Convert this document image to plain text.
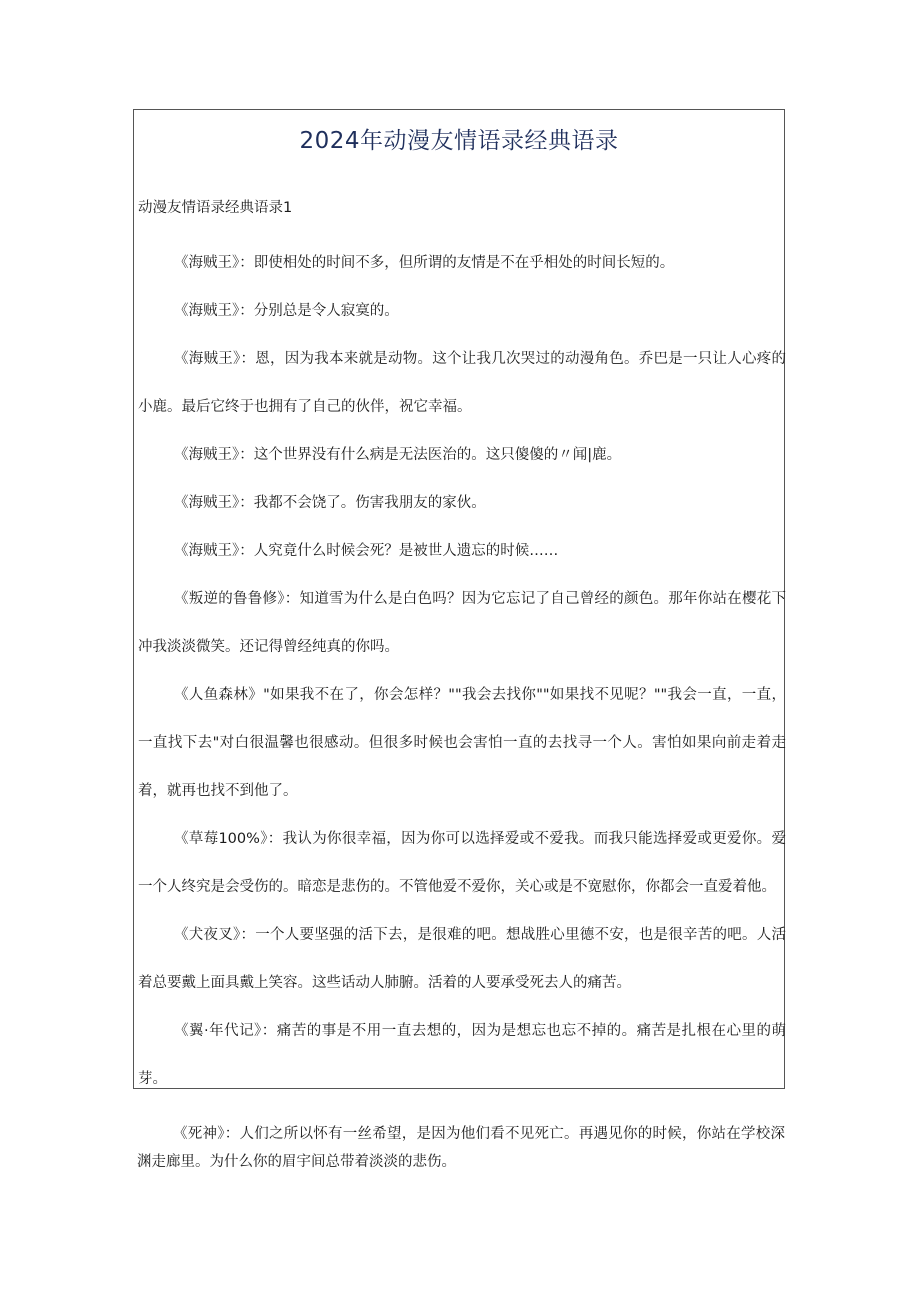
2024年动漫友情语录经典语录
动漫友情语录经典语录1

《海贼王》：即使相处的时间不多，但所谓的友情是不在乎相处的时间长短的。

《海贼王》：分别总是令人寂寞的。

《海贼王》：恩，因为我本来就是动物。这个让我几次哭过的动漫角色。乔巴是一只让人心疼的小鹿。最后它终于也拥有了自己的伙伴，祝它幸福。

《海贼王》：这个世界没有什么病是无法医治的。这只傻傻的〃闻|鹿。

《海贼王》：我都不会饶了。伤害我朋友的家伙。

《海贼王》：人究竟什么时候会死？是被世人遗忘的时候……

《叛逆的鲁鲁修》：知道雪为什么是白色吗？因为它忘记了自己曾经的颜色。那年你站在樱花下冲我淡淡微笑。还记得曾经纯真的你吗。

《人鱼森林》"如果我不在了，你会怎样？""我会去找你""如果找不见呢？""我会一直，一直，一直找下去"对白很温馨也很感动。但很多时候也会害怕一直的去找寻一个人。害怕如果向前走着走着，就再也找不到他了。

《草莓100%》：我认为你很幸福，因为你可以选择爱或不爱我。而我只能选择爱或更爱你。爱一个人终究是会受伤的。暗恋是悲伤的。不管他爱不爱你，关心或是不宽慰你，你都会一直爱着他。

《犬夜叉》：一个人要坚强的活下去，是很难的吧。想战胜心里德不安，也是很辛苦的吧。人活着总要戴上面具戴上笑容。这些话动人肺腑。活着的人要承受死去人的痛苦。

《翼·年代记》：痛苦的事是不用一直去想的，因为是想忘也忘不掉的。痛苦是扎根在心里的萌芽。

《死神》：人们之所以怀有一丝希望，是因为他们看不见死亡。再遇见你的时候，你站在学校深渊走廊里。为什么你的眉宇间总带着淡淡的悲伤。
